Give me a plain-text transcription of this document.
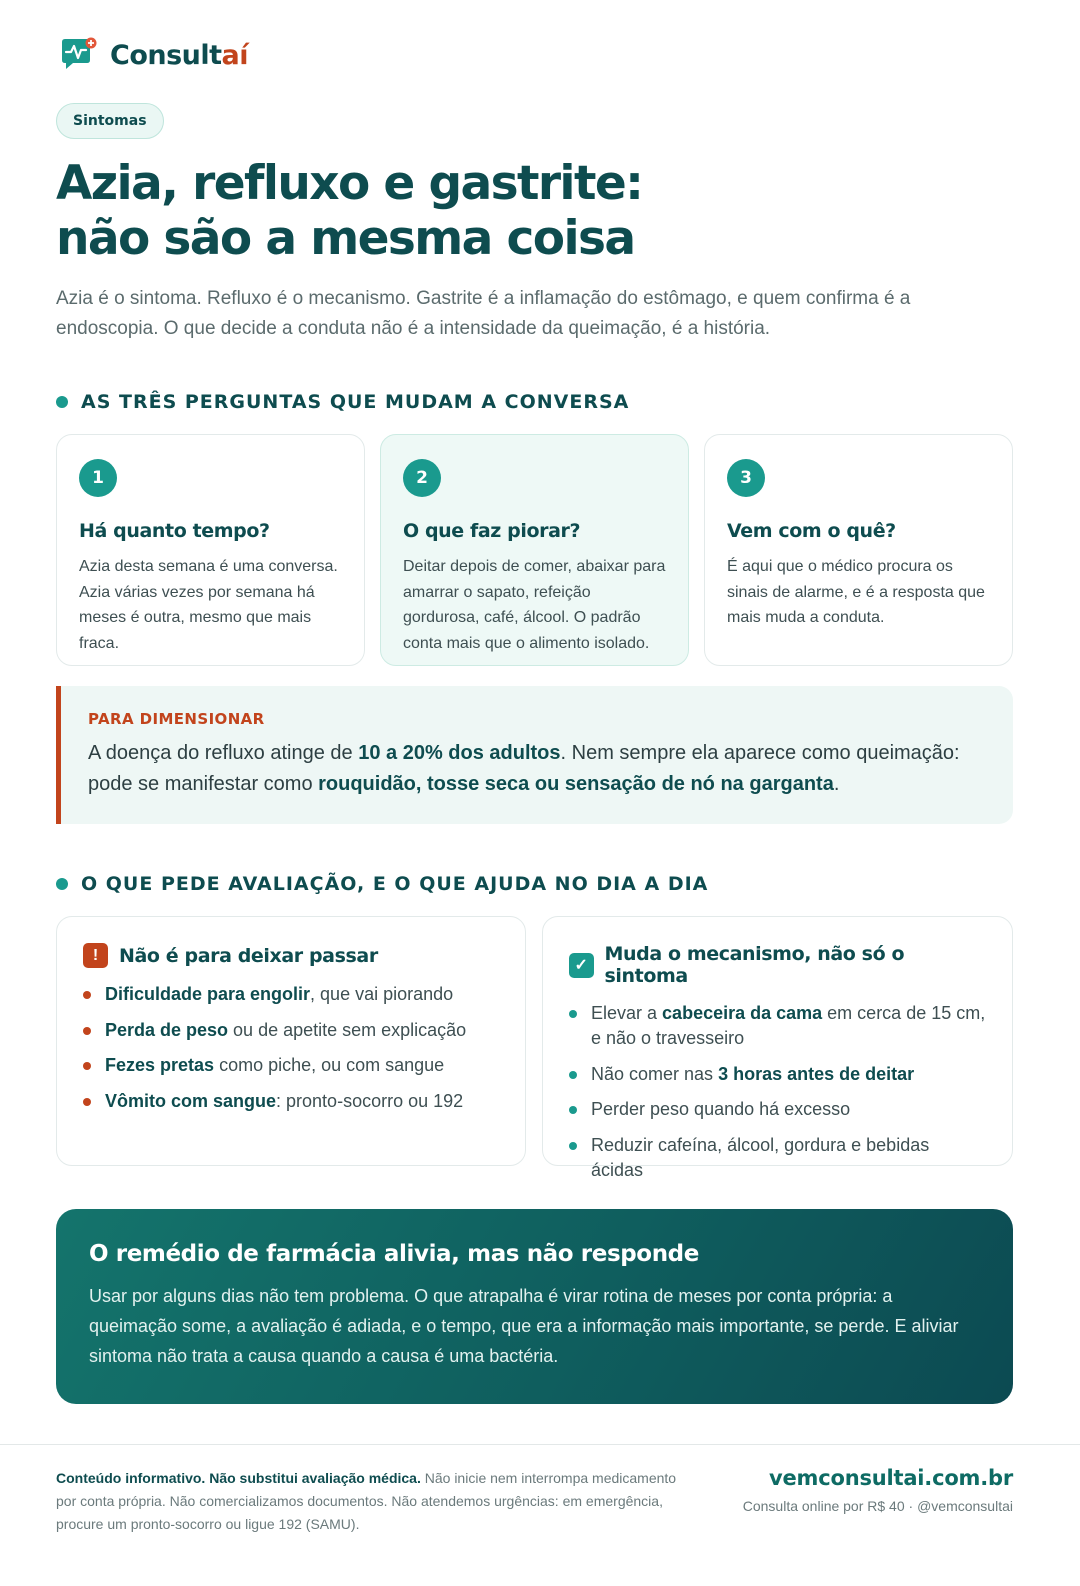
Consultaí
Sintomas
Azia, refluxo e gastrite:
não são a mesma coisa

Azia é o sintoma. Refluxo é o mecanismo. Gastrite é a inflamação do estômago, e quem confirma é a endoscopia. O que decide a conduta não é a intensidade da queimação, é a história.

AS TRÊS PERGUNTAS QUE MUDAM A CONVERSA
1
Há quanto tempo?
Azia desta semana é uma conversa. Azia várias vezes por semana há meses é outra, mesmo que mais fraca.
2
O que faz piorar?
Deitar depois de comer, abaixar para amarrar o sapato, refeição gordurosa, café, álcool. O padrão conta mais que o alimento isolado.
3
Vem com o quê?
É aqui que o médico procura os sinais de alarme, e é a resposta que mais muda a conduta.
PARA DIMENSIONAR
A doença do refluxo atinge de 10 a 20% dos adultos. Nem sempre ela aparece como queimação: pode se manifestar como rouquidão, tosse seca ou sensação de nó na garganta.
O QUE PEDE AVALIAÇÃO, E O QUE AJUDA NO DIA A DIA
!	Não é para deixar passar
Dificuldade para engolir, que vai piorando
Perda de peso ou de apetite sem explicação
Fezes pretas como piche, ou com sangue
Vômito com sangue: pronto-socorro ou 192
✓ Muda o mecanismo, não só o sintoma
Elevar a cabeceira da cama em cerca de 15 cm, e não o travesseiro
Não comer nas 3 horas antes de deitar
Perder peso quando há excesso
Reduzir cafeína, álcool, gordura e bebidas ácidas
O remédio de farmácia alivia, mas não responde
Usar por alguns dias não tem problema. O que atrapalha é virar rotina de meses por conta própria: a queimação some, a avaliação é adiada, e o tempo, que era a informação mais importante, se perde. E aliviar sintoma não trata a causa quando a causa é uma bactéria.
Conteúdo informativo. Não substitui avaliação médica. Não inicie nem interrompa medicamento por conta própria. Não comercializamos documentos. Não atendemos urgências: em emergência, procure um pronto-socorro ou ligue 192 (SAMU).
vemconsultai.com.br
Consulta online por R$ 40 · @vemconsultai
